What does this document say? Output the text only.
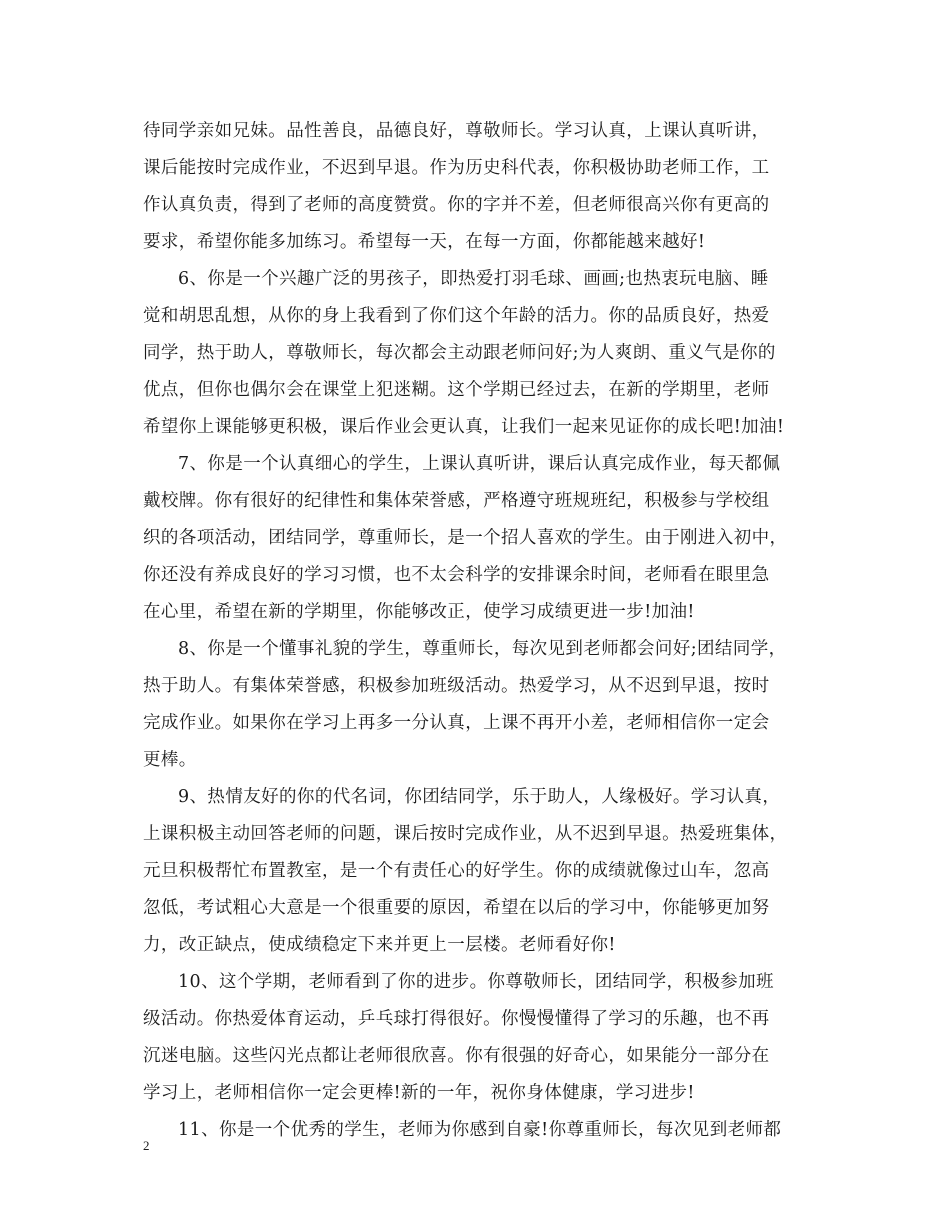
待同学亲如兄妹。品性善良，品德良好，尊敬师长。学习认真，上课认真听讲，
课后能按时完成作业，不迟到早退。作为历史科代表，你积极协助老师工作，工
作认真负责，得到了老师的高度赞赏。你的字并不差，但老师很高兴你有更高的
要求，希望你能多加练习。希望每一天，在每一方面，你都能越来越好!
6、你是一个兴趣广泛的男孩子，即热爱打羽毛球、画画;也热衷玩电脑、睡
觉和胡思乱想，从你的身上我看到了你们这个年龄的活力。你的品质良好，热爱
同学，热于助人，尊敬师长，每次都会主动跟老师问好;为人爽朗、重义气是你的
优点，但你也偶尔会在课堂上犯迷糊。这个学期已经过去，在新的学期里，老师
希望你上课能够更积极，课后作业会更认真，让我们一起来见证你的成长吧!加油!
7、你是一个认真细心的学生，上课认真听讲，课后认真完成作业，每天都佩
戴校牌。你有很好的纪律性和集体荣誉感，严格遵守班规班纪，积极参与学校组
织的各项活动，团结同学，尊重师长，是一个招人喜欢的学生。由于刚进入初中，
你还没有养成良好的学习习惯，也不太会科学的安排课余时间，老师看在眼里急
在心里，希望在新的学期里，你能够改正，使学习成绩更进一步!加油!
8、你是一个懂事礼貌的学生，尊重师长，每次见到老师都会问好;团结同学，
热于助人。有集体荣誉感，积极参加班级活动。热爱学习，从不迟到早退，按时
完成作业。如果你在学习上再多一分认真，上课不再开小差，老师相信你一定会
更棒。
9、热情友好的你的代名词，你团结同学，乐于助人，人缘极好。学习认真，
上课积极主动回答老师的问题，课后按时完成作业，从不迟到早退。热爱班集体，
元旦积极帮忙布置教室，是一个有责任心的好学生。你的成绩就像过山车，忽高
忽低，考试粗心大意是一个很重要的原因，希望在以后的学习中，你能够更加努
力，改正缺点，使成绩稳定下来并更上一层楼。老师看好你!
10、这个学期，老师看到了你的进步。你尊敬师长，团结同学，积极参加班
级活动。你热爱体育运动，乒乓球打得很好。你慢慢懂得了学习的乐趣，也不再
沉迷电脑。这些闪光点都让老师很欣喜。你有很强的好奇心，如果能分一部分在
学习上，老师相信你一定会更棒!新的一年，祝你身体健康，学习进步!
11、你是一个优秀的学生，老师为你感到自豪!你尊重师长，每次见到老师都
2
